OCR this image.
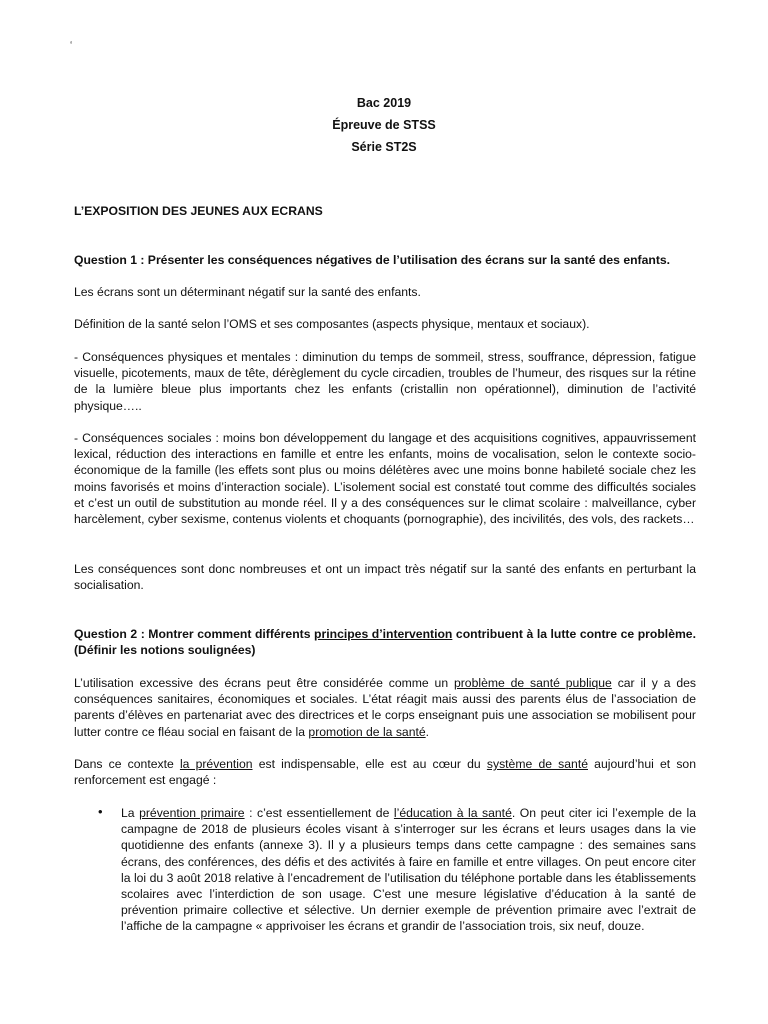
‘
Bac 2019
Épreuve de STSS
Série ST2S
L’EXPOSITION DES JEUNES AUX ECRANS
Question 1 : Présenter les conséquences négatives de l’utilisation des écrans sur la santé des enfants.
Les écrans sont un déterminant négatif sur la santé des enfants.
Définition de la santé selon l’OMS et ses composantes (aspects physique, mentaux et sociaux).
- Conséquences physiques et mentales : diminution du temps de sommeil, stress, souffrance, dépression, fatigue visuelle, picotements, maux de tête, dérèglement du cycle circadien, troubles de l’humeur, des risques sur la rétine de la lumière bleue plus importants chez les enfants (cristallin non opérationnel), diminution de l’activité physique…..
- Conséquences sociales : moins bon développement du langage et des acquisitions cognitives, appauvrissement lexical, réduction des interactions en famille et entre les enfants, moins de vocalisation, selon le contexte socio-économique de la famille (les effets sont plus ou moins délétères avec une moins bonne habileté sociale chez les moins favorisés et moins d’interaction sociale). L’isolement social est constaté tout comme des difficultés sociales et c’est un outil de substitution au monde réel. Il y a des conséquences sur le climat scolaire : malveillance, cyber harcèlement, cyber sexisme, contenus violents et choquants (pornographie), des incivilités, des vols, des rackets…
Les conséquences sont donc nombreuses et ont un impact très négatif sur la santé des enfants en perturbant la socialisation.
Question 2 : Montrer comment différents principes d’intervention contribuent à la lutte contre ce problème. (Définir les notions soulignées)
L’utilisation excessive des écrans peut être considérée comme un problème de santé publique car il y a des conséquences sanitaires, économiques et sociales. L’état réagit mais aussi des parents élus de l’association de parents d’élèves en partenariat avec des directrices et le corps enseignant puis une association se mobilisent pour lutter contre ce fléau social en faisant de la promotion de la santé.
Dans ce contexte la prévention est indispensable, elle est au cœur du système de santé aujourd’hui et son renforcement est engagé :
• La prévention primaire : c’est essentiellement de l’éducation à la santé. On peut citer ici l’exemple de la campagne de 2018 de plusieurs écoles visant à s’interroger sur les écrans et leurs usages dans la vie quotidienne des enfants (annexe 3). Il y a plusieurs temps dans cette campagne : des semaines sans écrans, des conférences, des défis et des activités à faire en famille et entre villages. On peut encore citer la loi du 3 août 2018 relative à l’encadrement de l’utilisation du téléphone portable dans les établissements scolaires avec l’interdiction de son usage. C’est une mesure législative d’éducation à la santé de prévention primaire collective et sélective. Un dernier exemple de prévention primaire avec l’extrait de l’affiche de la campagne « apprivoiser les écrans et grandir de l’association trois, six neuf, douze.
